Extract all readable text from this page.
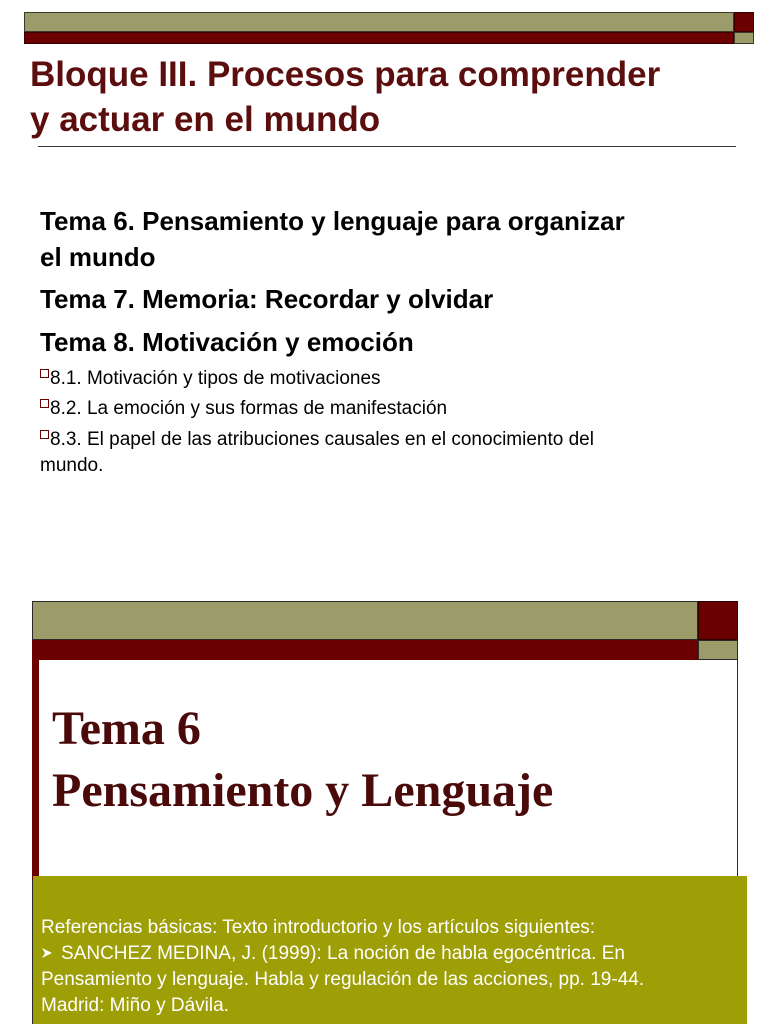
Bloque III. Procesos para comprender
y actuar en el mundo
Tema 6. Pensamiento y lenguaje para organizar
el mundo
Tema 7. Memoria: Recordar y olvidar
Tema 8. Motivación y emoción
8.1. Motivación y tipos de motivaciones
8.2. La emoción y sus formas de manifestación
8.3. El papel de las atribuciones causales en el conocimiento del
mundo.
Tema 6
Pensamiento y Lenguaje
Referencias básicas: Texto introductorio y los artículos siguientes:
SANCHEZ MEDINA, J. (1999): La noción de habla egocéntrica. En
Pensamiento y lenguaje. Habla y regulación de las acciones, pp. 19-44.
Madrid: Miño y Dávila.
